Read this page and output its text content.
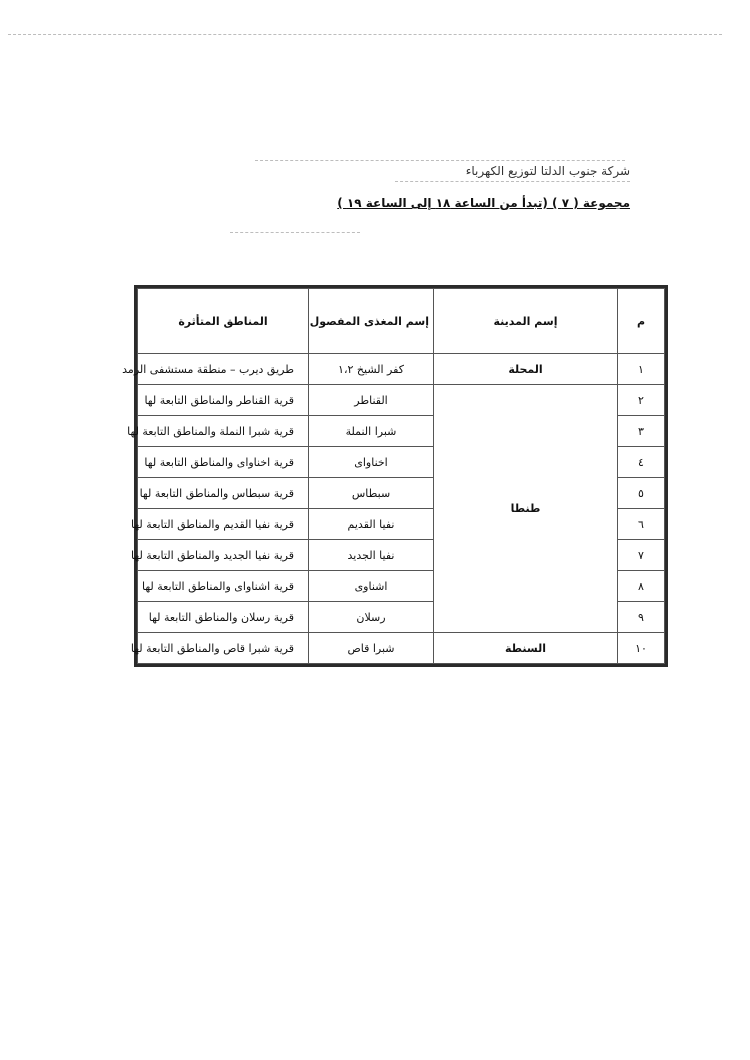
شركة جنوب الدلتا لتوزيع الكهرباء
مجموعة ( ٧ ) (تبدأ من الساعة ١٨ إلى الساعة ١٩ )
م	إسم المدينة	إسم المغذى المفصول	المناطق المتأثرة
١	المحلة	كفر الشيخ ١،٢	طريق ديرب – منطقة مستشفى الرمد
٢	طنطا	القناطر	قرية القناطر والمناطق التابعة لها
٣		شبرا النملة	قرية شبرا النملة والمناطق التابعة لها
٤		اخناواى	قرية اخناواى والمناطق التابعة لها
٥		سبطاس	قرية سبطاس والمناطق التابعة لها
٦		نفيا القديم	قرية نفيا القديم والمناطق التابعة لها
٧		نفيا الجديد	قرية نفيا الجديد والمناطق التابعة لها
٨		اشناوى	قرية اشناواى والمناطق التابعة لها
٩		رسلان	قرية رسلان والمناطق التابعة لها
١٠	السنطة	شبرا قاص	قرية شبرا قاص والمناطق التابعة لها
